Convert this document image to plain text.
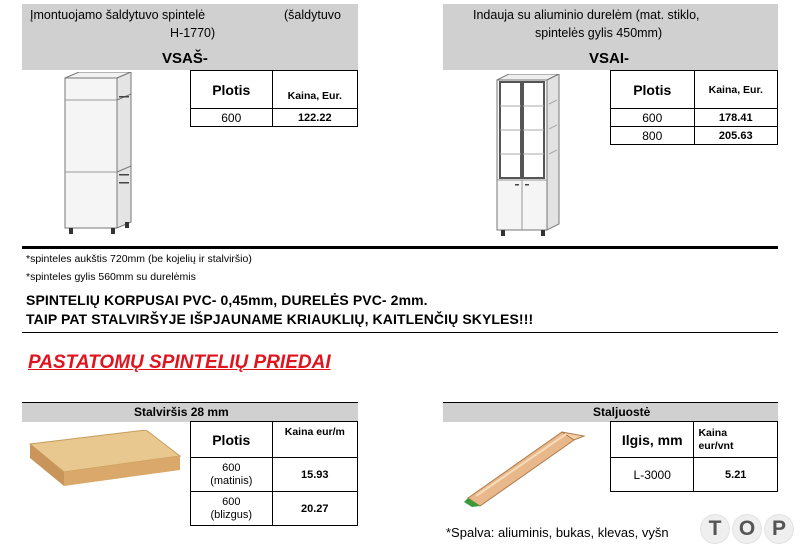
Įmontuojamo šaldytuvo spintelė	(šaldytuvo
H-1770)
VSAŠ-
Indauja su aliuminio durelėm (mat. stiklo,
spintelės gylis 450mm)
VSAI-
Plotis	Kaina, Eur.
600	122.22
Plotis	Kaina, Eur.
600	178.41
800	205.63
*spinteles aukštis 720mm (be kojelių ir stalviršio)
*spinteles gylis 560mm su durelėmis
SPINTELIŲ KORPUSAI PVC- 0,45mm, DURELĖS PVC- 2mm.
TAIP PAT STALVIRŠYJE IŠPJAUNAME KRIAUKLIŲ, KAITLENČIŲ SKYLES!!!
PASTATOMŲ SPINTELIŲ PRIEDAI
Stalviršis 28 mm
Plotis	Kaina eur/m

600
(matinis)	15.93

600
(blizgus)	20.27
Staljuostė
Ilgis, mm	Kaina
eur/vnt

L-3000	5.21
*Spalva: aliuminis, bukas, klevas, vyšn	T O P
